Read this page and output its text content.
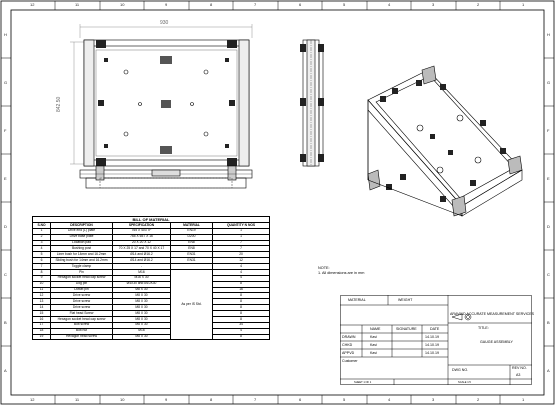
12	11	10	9	8	7	6	5	4	3	2	1
12	11	10	9	8	7	6	5	4	3	2	1
H
G
F
E
D
C
B
A
H
G
F
E
D
C
B
A
930
842.50
BILL OF MATERIAL				
S.NO	DESCRIPTION	SPECIFICATION	MATERIAL	QUANTITY N NOS
1	Drive end (L) plate	765 X 403 TF	EN19	1
2	Drive base plate	765 X 657 X 16	D200	1
3	Location pad	20 X 20 X 12	EN8	7
4	Bushing post	70 X 25 X 17 and 70 X 40 X 17	EN8	7
5	Liner bush for 14mm and 16.2mm	Ø14 and Ø16.2	EN31	20
6	Sliding bush for 14mm and 16.2mm	Ø14 and Ø16.2	EN31	12
7	Toggle clamp	-		4
8	Pin	M16	As per IS Std.	4
9	Hexagon socket head cap screw	M16 X 30		4
10	Dog pin	Ø4X30 and Ø10X30		8
11	Dowel pin	Ø8 X 30		16
12	Drive screw	M8 X 30		8
13	Drive screw	M8 X 30		8
14	Drive screw	M8 X 30		8
15	Flat head Screw	M8 X 30		8
16	Hexagon socket head cap screw	M8 X 30		8
17	Bolt screw	M8 X 30		34
18	Bolt nut	M16		4
19	Hexagon head screw	M8 X 30		8
NOTE:
1. All dimensions are in mm
MATERIAL	WEIGHT
ARAVIND ACCURATE MEASUREMENT SERVICES
NAME	SIGNATURE	DATE
DRAWN	Kavi	14.10.19
CHKD	Kavi	14.10.19
APPVD	Kavi	14.10.19
Customer
TITLE:
GAUGE ASSEMBLY
DWG NO.	REV NO.
A3
SHEET 1 OF 1	SCALE 1:5
